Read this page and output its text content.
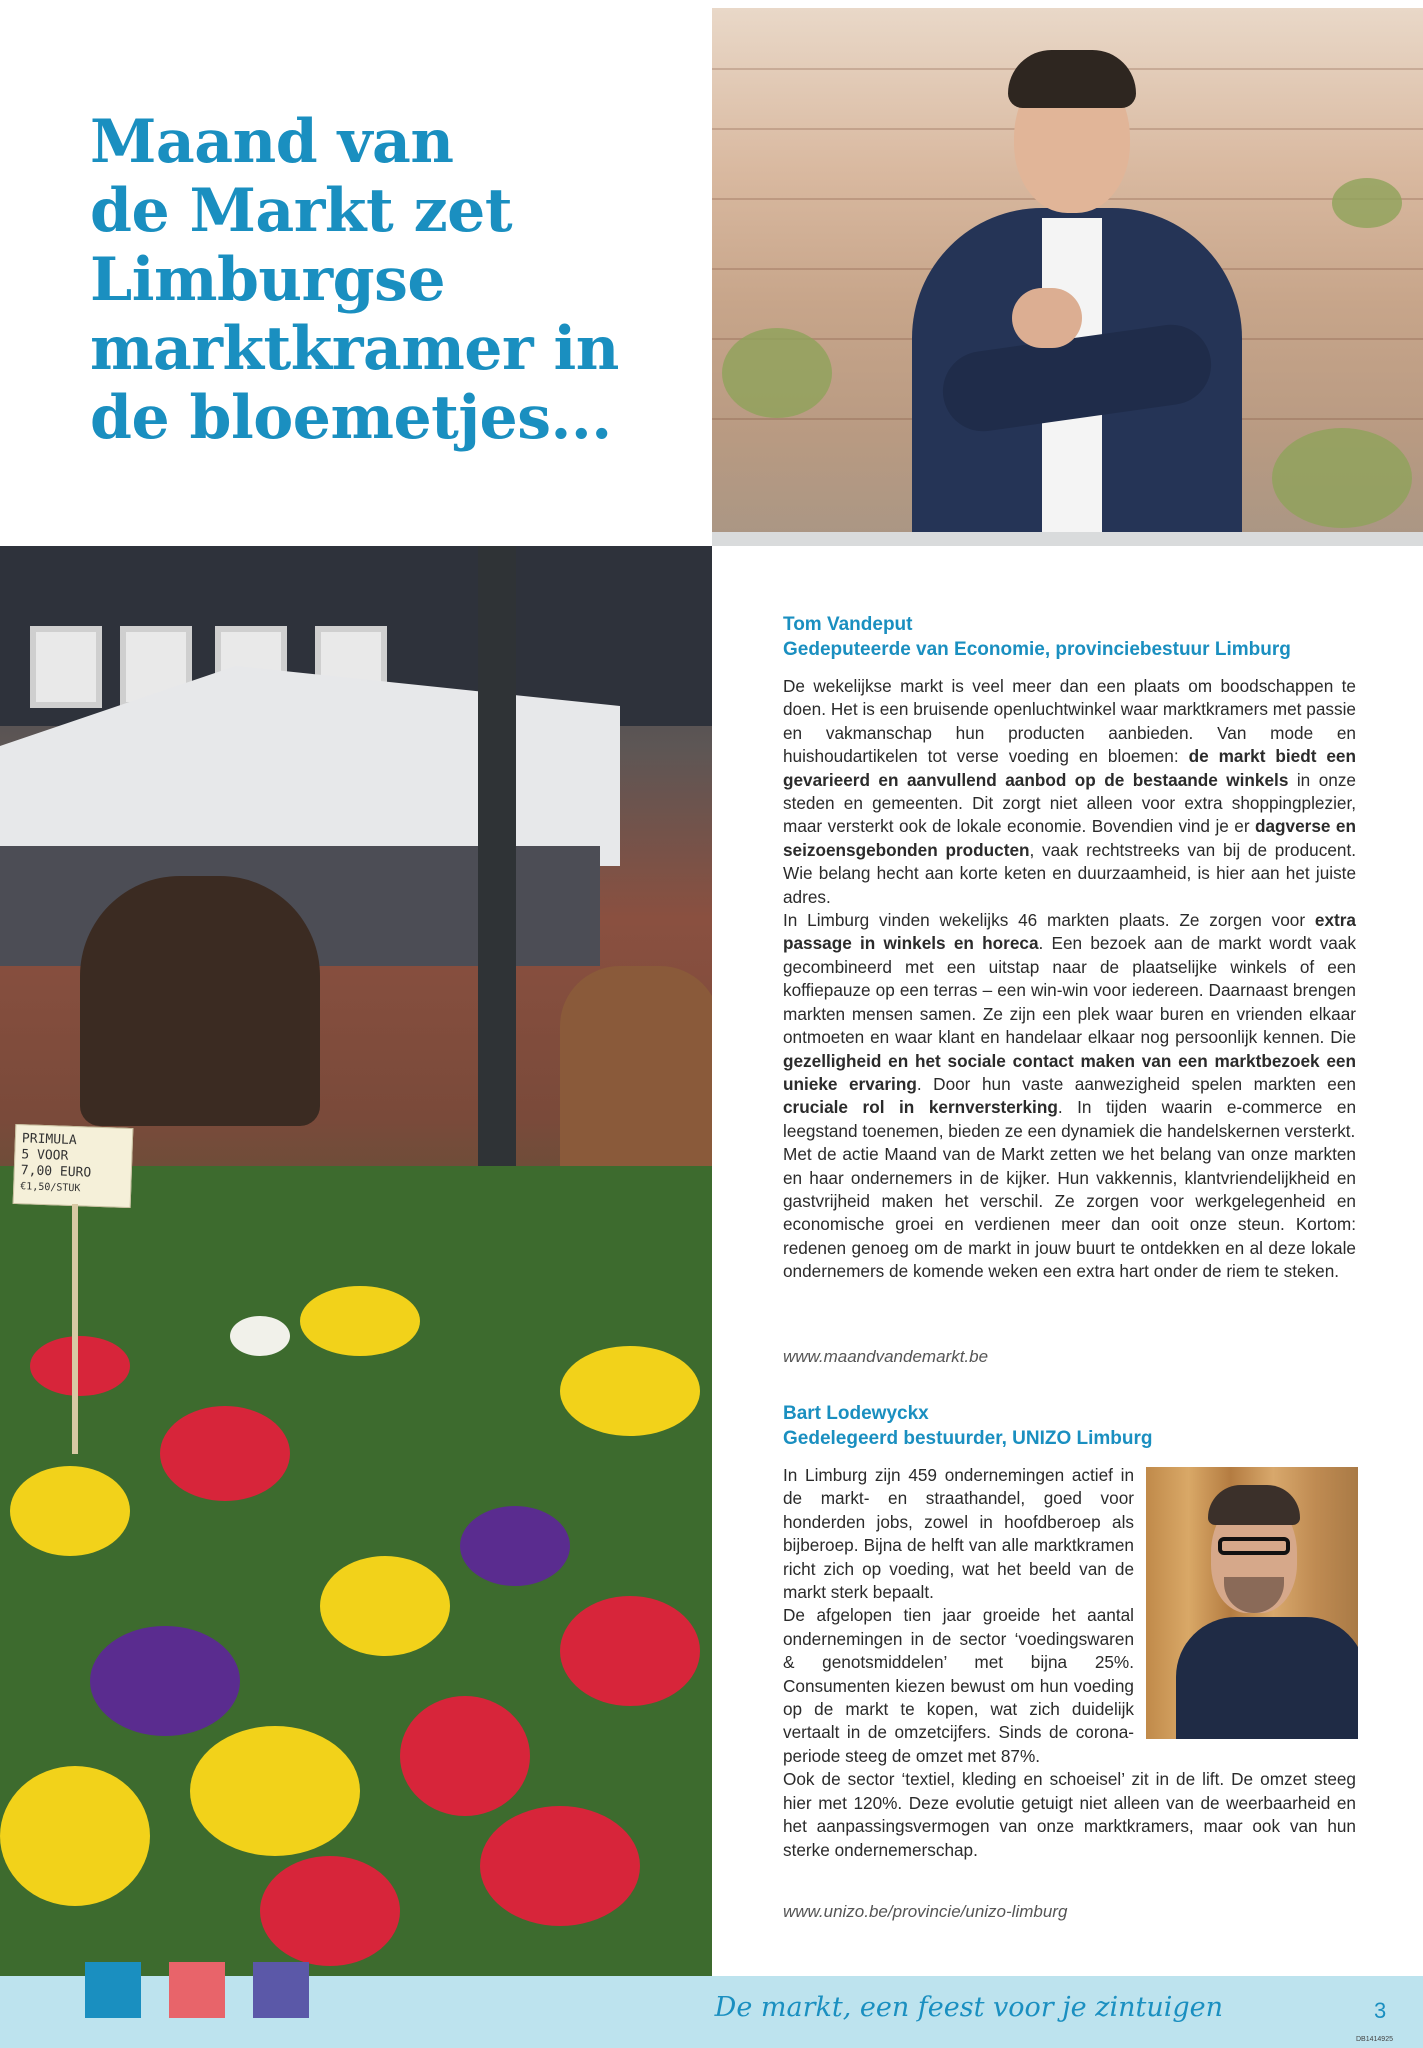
Maand van
de Markt zet
Limburgse
marktkramer in
de bloemetjes...
PRIMULA
5 VOOR
7,00 EURO
€1,50/STUK
Tom Vandeput
Gedeputeerde van Economie, provinciebestuur Limburg

De wekelijkse markt is veel meer dan een plaats om boodschappen te doen. Het is een bruisende openluchtwinkel waar marktkramers met passie en vakmanschap hun producten aanbieden. Van mode en huishoudartikelen tot verse voeding en bloemen: de markt biedt een gevarieerd en aanvullend aanbod op de bestaande winkels in onze steden en gemeenten. Dit zorgt niet alleen voor extra shoppingplezier, maar versterkt ook de lokale economie. Bovendien vind je er dagverse en seizoensgebonden producten, vaak rechtstreeks van bij de producent. Wie belang hecht aan korte keten en duurzaamheid, is hier aan het juiste adres.

In Limburg vinden wekelijks 46 markten plaats. Ze zorgen voor extra passage in winkels en horeca. Een bezoek aan de markt wordt vaak gecombineerd met een uitstap naar de plaatselijke winkels of een koffiepauze op een terras – een win-win voor iedereen. Daarnaast brengen markten mensen samen. Ze zijn een plek waar buren en vrienden elkaar ontmoeten en waar klant en handelaar elkaar nog persoonlijk kennen. Die gezelligheid en het sociale contact maken van een marktbezoek een unieke ervaring. Door hun vaste aanwezigheid spelen markten een cruciale rol in kernversterking. In tijden waarin e-commerce en leegstand toenemen, bieden ze een dynamiek die handelskernen versterkt.

Met de actie Maand van de Markt zetten we het belang van onze markten en haar ondernemers in de kijker. Hun vakkennis, klantvriendelijkheid en gastvrijheid maken het verschil. Ze zorgen voor werkgelegenheid en economische groei en verdienen meer dan ooit onze steun. Kortom: redenen genoeg om de markt in jouw buurt te ontdekken en al deze lokale ondernemers de komende weken een extra hart onder de riem te steken.

www.maandvandemarkt.be
Bart Lodewyckx
Gedelegeerd bestuurder, UNIZO Limburg

In Limburg zijn 459 ondernemingen actief in de markt- en straathandel, goed voor honderden jobs, zowel in hoofdberoep als bijberoep. Bijna de helft van alle marktkramen richt zich op voeding, wat het beeld van de markt sterk bepaalt.

De afgelopen tien jaar groeide het aantal ondernemingen in de sector ‘voedingswaren & genotsmiddelen’ met bijna 25%. Consumenten kiezen bewust om hun voeding op de markt te kopen, wat zich duidelijk vertaalt in de omzetcijfers. Sinds de coronaperiode steeg de omzet met 87%.

Ook de sector ‘textiel, kleding en schoeisel’ zit in de lift. De omzet steeg hier met 120%. Deze evolutie getuigt niet alleen van de weerbaarheid en het aanpassingsvermogen van onze marktkramers, maar ook van hun sterke ondernemerschap.

www.unizo.be/provincie/unizo-limburg
De markt, een feest voor je zintuigen	3
DB1414925
